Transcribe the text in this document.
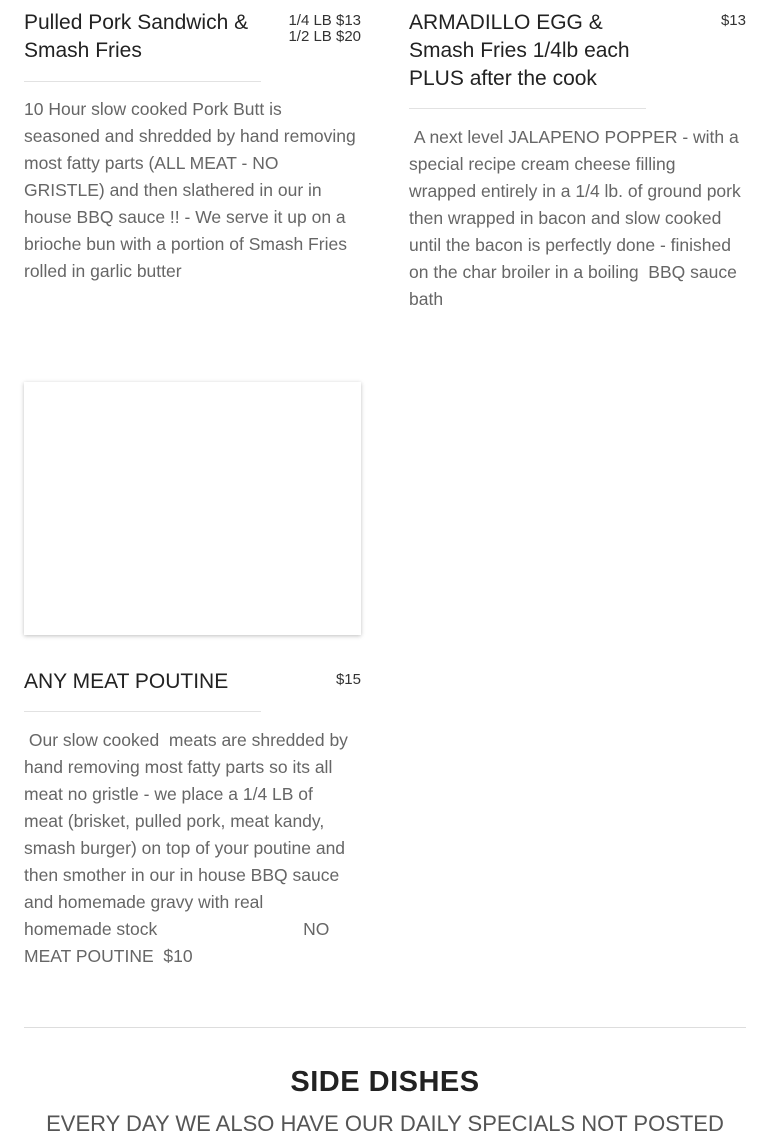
Pulled Pork Sandwich & Smash Fries
1/4 LB $13
1/2 LB $20

10 Hour slow cooked Pork Butt is seasoned and shredded by hand removing most fatty parts (ALL MEAT - NO GRISTLE) and then slathered in our in house BBQ sauce !! - We serve it up on a brioche bun with a portion of Smash Fries rolled in garlic butter

ARMADILLO EGG & Smash Fries 1/4lb each PLUS after the cook
$13

A next level JALAPENO POPPER - with a special recipe cream cheese filling wrapped entirely in a 1/4 lb. of ground pork then wrapped in bacon and slow cooked until the bacon is perfectly done - finished on the char broiler in a boiling  BBQ sauce bath

ANY MEAT POUTINE	$15

Our slow cooked  meats are shredded by hand removing most fatty parts so its all meat no gristle - we place a 1/4 LB of meat (brisket, pulled pork, meat kandy, smash burger) on top of your poutine and then smother in our in house BBQ sauce and homemade gravy with real homemade stock                              NO MEAT POUTINE  $10

SIDE DISHES

EVERY DAY WE ALSO HAVE OUR DAILY SPECIALS NOT POSTED
